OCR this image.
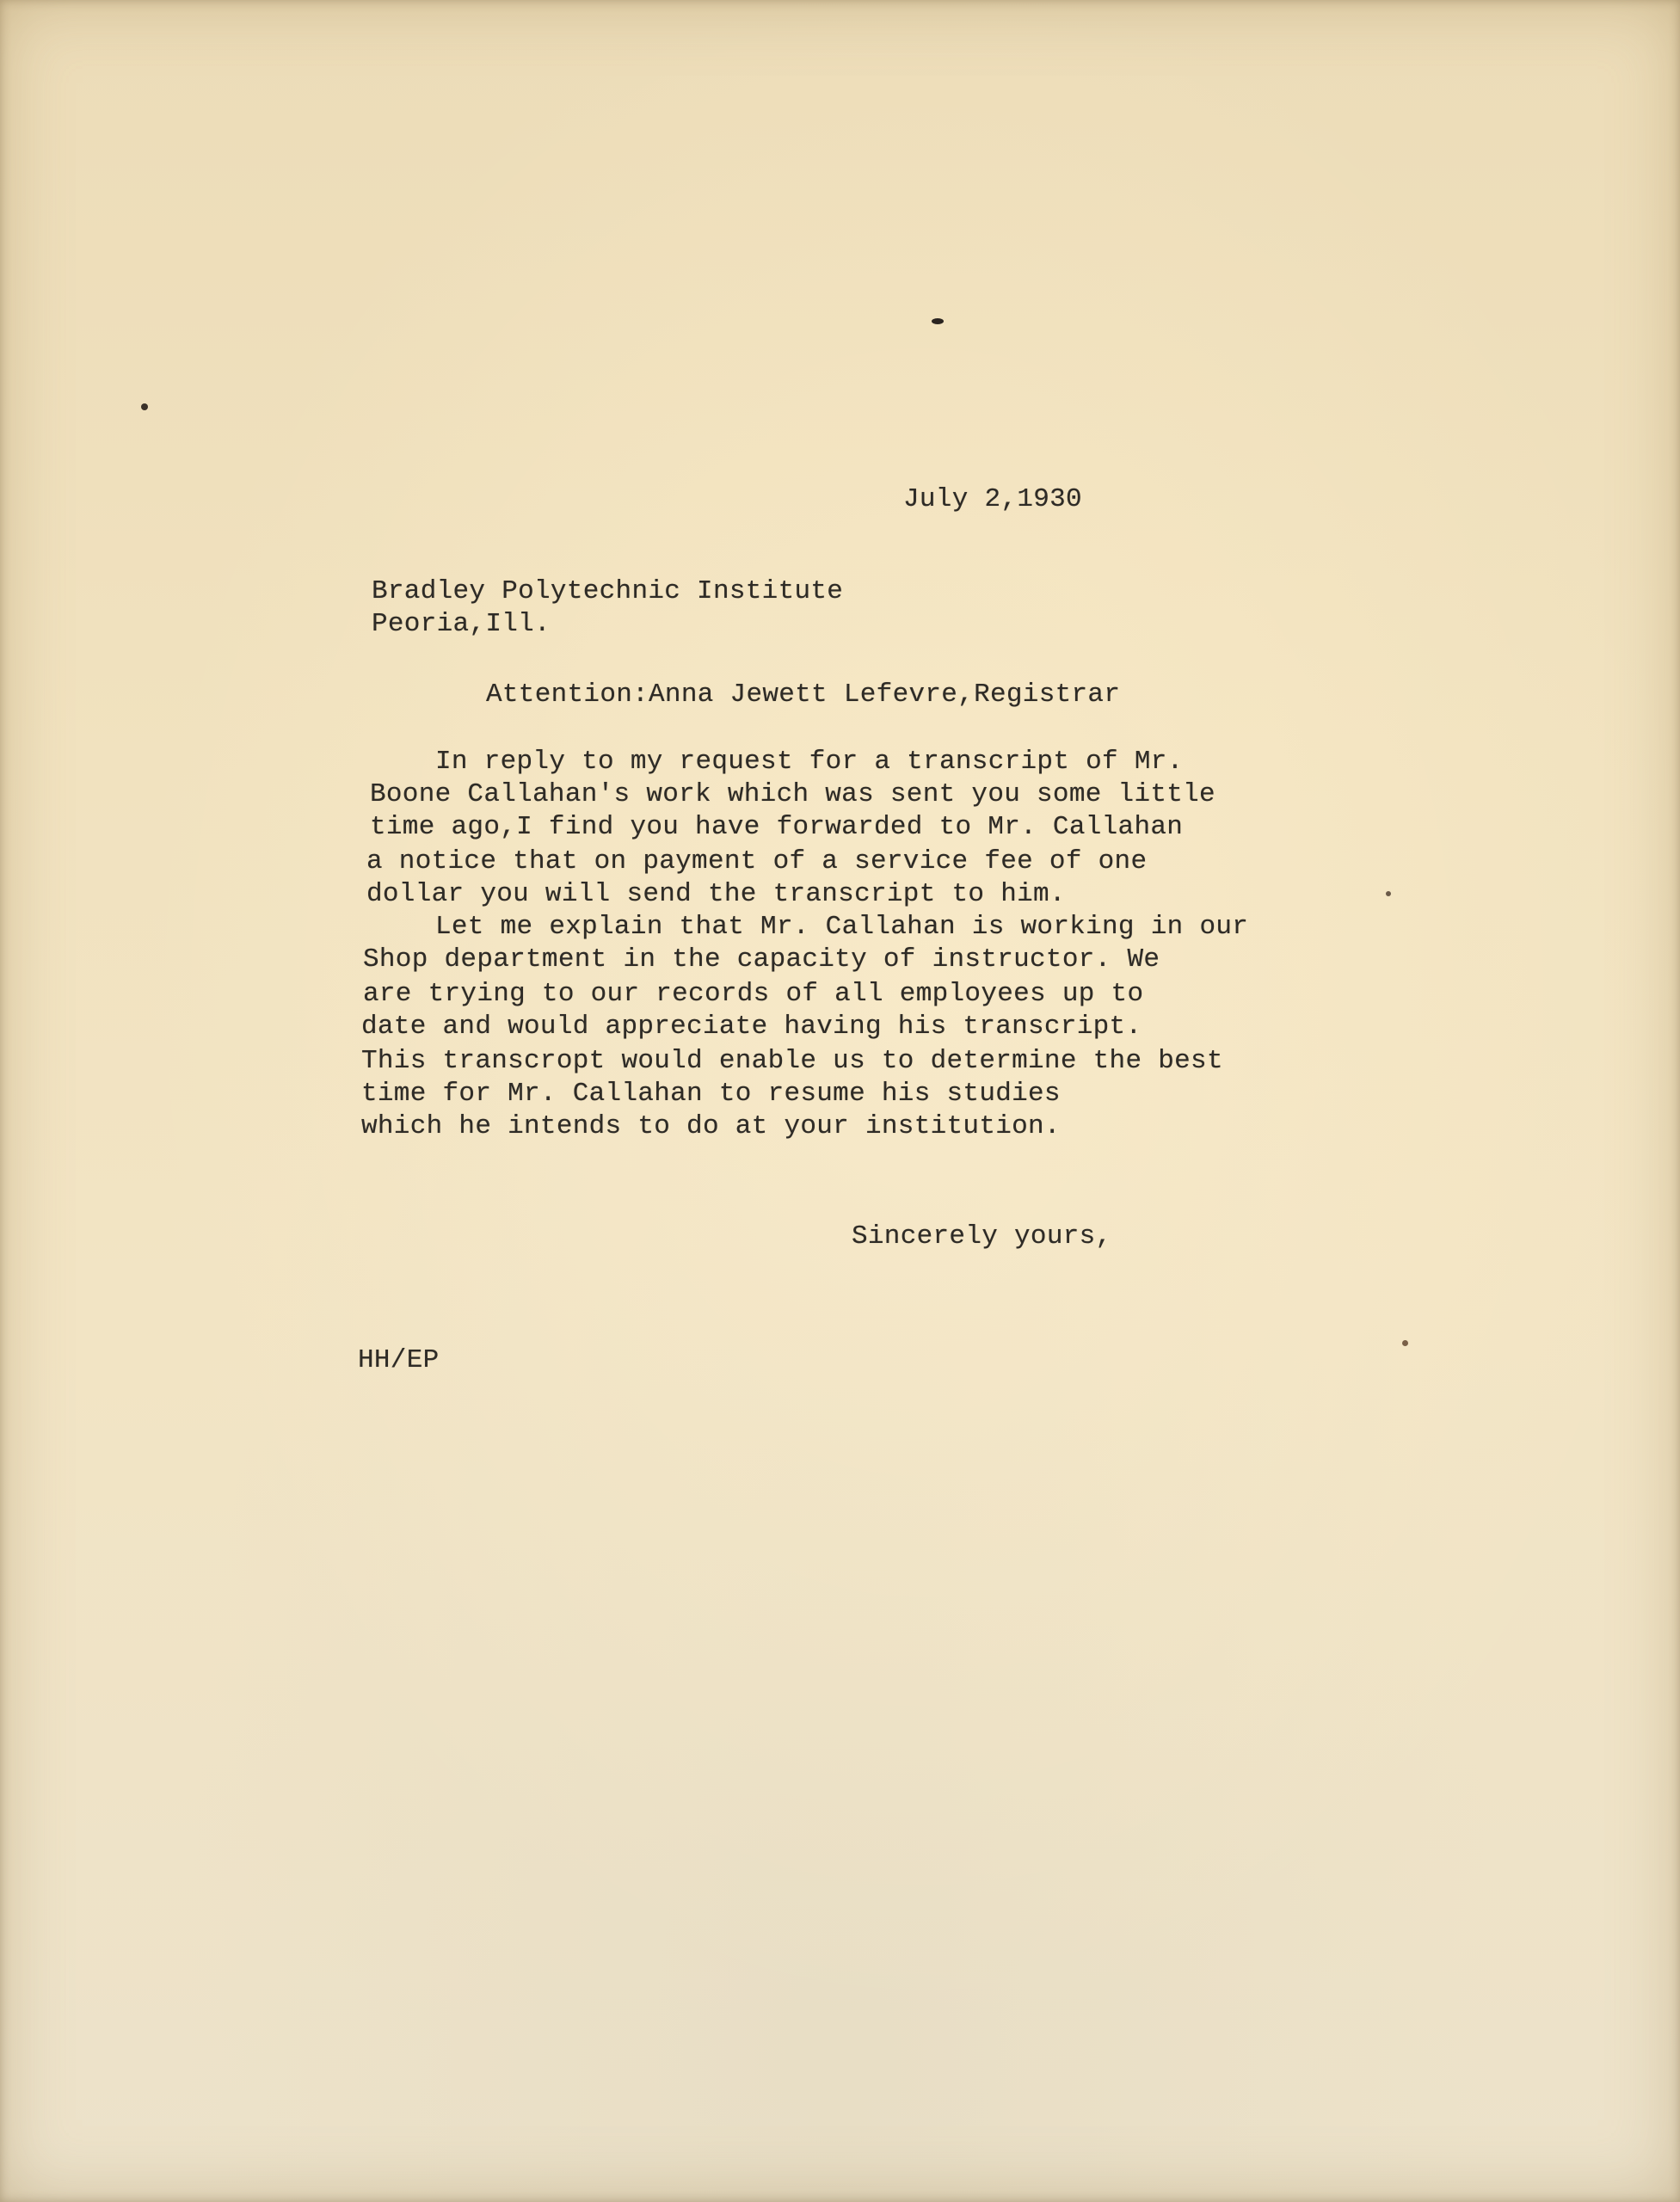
July 2,1930

Bradley Polytechnic Institute

Peoria,Ill.

Attention:Anna Jewett Lefevre,Registrar

In reply to my request for a transcript of Mr.

Boone Callahan's work which was sent you some little

time ago,I find you have forwarded to Mr. Callahan

a notice that on payment of a service fee of one

dollar you will send the transcript to him.

Let me explain that Mr. Callahan is working in our

Shop department in the capacity of instructor. We

are trying to our records of all employees up to

date and would appreciate having his transcript.

This transcropt would enable us to determine the best

time for Mr. Callahan to resume his studies

which he intends to do at your institution.

Sincerely yours,

HH/EP
